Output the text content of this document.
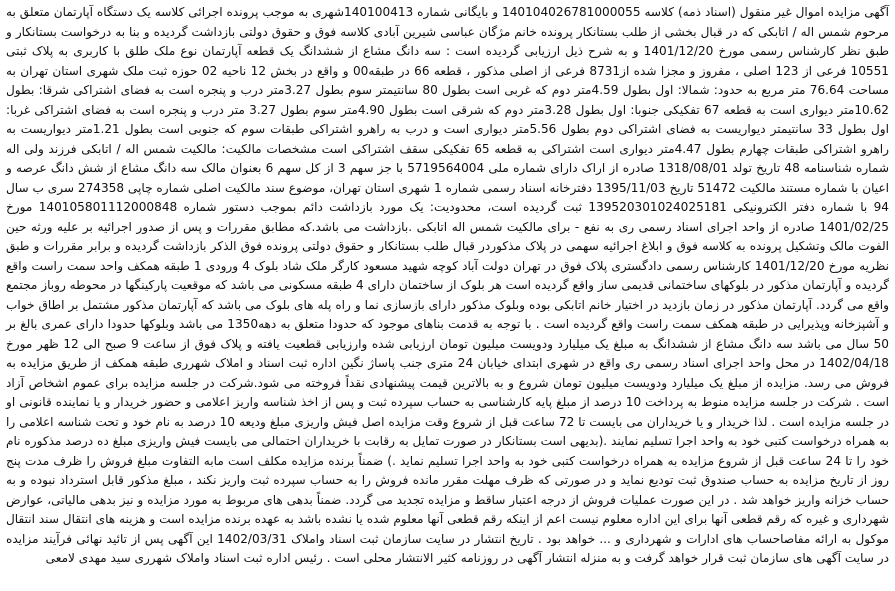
آگهی مزایده اموال غیر منقول (اسناد ذمه) کلاسه 14010402678100005‌5 و بایگانی شماره 140100413شهری به موجب پرونده اجرائی کلاسه یک دستگاه آپارتمان متعلق به مرحوم شمس اله / اتابکی که در قبال بخشی از طلب بستانکار پرونده خانم مژگان عباسی شیرین آبادی کلاسه فوق و حقوق دولتی بازداشت گردیده و بنا به درخواست بستانکار و طبق نظر کارشناس رسمی مورخ 1401/12/20 و به شرح ذیل ارزیابی گردیده است : سه دانگ مشاع از ششدانگ یک قطعه آپارتمان نوع ملک طلق با کاربری به پلاک ثبتی 10551 فرعی از 123 اصلی ، مفروز و مجزا شده از8731 فرعی از اصلی مذکور ، قطعه 66 در طبقه00 و واقع در بخش 12 ناحیه 02 حوزه ثبت ملک شهری استان تهران به مساحت 76.64 متر مربع به حدود: شمالا: اول بطول 4.59متر دوم که غربی است بطول 80 سانتیمتر سوم بطول 3.27متر درب و پنجره است به فضای اشتراکی شرقا: بطول 10.62متر دیواری است به قطعه 67 تفکیکی جنوبا: اول بطول 3.28متر دوم که شرقی است بطول 4.90متر سوم بطول 3.27 متر درب و پنجره است به فضای اشتراکی غربا: اول بطول 33 سانتیمتر دیواریست به فضای اشتراکی دوم بطول 5.56متر دیواری است و درب به راهرو اشتراکی طبقات سوم که جنوبی است بطول 1.21متر دیواریست به راهرو اشتراکی طبقات چهارم بطول 4.47متر دیواری است اشتراکی به قطعه 65 تفکیکی سقف اشتراکی است مشخصات مالکیت: مالکیت شمس اله / اتابکی فرزند ولی اله شماره شناسنامه 48 تاریخ تولد 1318/08/01 صادره از اراک دارای شماره ملی 5719564004 با جز سهم 3 از کل سهم 6 بعنوان مالک سه دانگ مشاع از شش دانگ عرصه و اعیان با شماره مستند مالکیت 51472 تاریخ 1395/11/03 دفترخانه اسناد رسمی شماره 1 شهری استان تهران، موضوع سند مالکیت اصلی شماره چاپی 274358 سری ب سال 94 با شماره دفتر الکترونیکی 139520301024025181 ثبت گردیده است، محدودیت: یک مورد بازداشت دائم بموجب دستور شماره 140105801112000848 مورخ 1401/02/25 صادره از واحد اجرای اسناد رسمی ری به نفع - برای مالکیت شمس اله اتابکی .بازداشت می باشد.که مطابق مقررات و پس از صدور اجرائیه بر علیه ورثه حین الفوت مالک وتشکیل پرونده به کلاسه فوق و ابلاغ اجرائیه سهمی در پلاک مذکوردر قبال طلب بستانکار و حقوق دولتی پرونده فوق الذکر بازداشت گردیده و برابر مقررات و طبق نظریه مورخ 1401/12/20 کارشناس رسمی دادگستری پلاک فوق در تهران دولت آباد کوچه شهید مسعود کارگر ملک شاد بلوک 4 ورودی 1 طبقه همکف واحد سمت راست واقع گردیده و آپارتمان مذکور در بلوکهای ساختمانی قدیمی ساز واقع گردیده است هر بلوک از ساختمان دارای 4 طبقه مسکونی می باشد که موقعیت پارکینگها در محوطه روباز مجتمع واقع می گردد. آپارتمان مذکور در زمان بازدید در اختیار خانم اتابکی بوده وبلوک مذکور دارای بازسازی نما و راه پله های بلوک می باشد که آپارتمان مذکور مشتمل بر اطاق خواب و آشپزخانه وپذیرایی در طبقه همکف سمت راست واقع گردیده است . با توجه به قدمت بناهای موجود که حدودا متعلق به دهه1350 می باشد وبلوکها حدودا دارای عمری بالغ بر 50 سال می باشد سه دانگ مشاع از ششدانگ به مبلغ یک میلیارد ودویست میلیون تومان ارزیابی شده وارزیابی قطعیت یافته و پلاک فوق از ساعت 9 صبح الی 12 ظهر مورخ 1402/04/18 در محل واحد اجرای اسناد رسمی ری واقع در شهری ابتدای خیابان 24 متری جنب پاساژ نگین اداره ثبت اسناد و املاک شهرری طبقه همکف از طریق مزایده به فروش می رسد. مزایده از مبلغ یک میلیارد ودویست میلیون تومان شروع و به بالاترین قیمت پیشنهادی نقداً فروخته می شود.شرکت در جلسه مزایده برای عموم اشخاص آزاد است . شرکت در جلسه مزایده منوط به پرداخت 10 درصد از مبلغ پایه کارشناسی به حساب سپرده ثبت و پس از اخذ شناسه واریز اعلامی و حضور خریدار و یا نماینده قانونی او در جلسه مزایده است . لذا خریدار و یا خریداران می بایست تا 72 ساعت قبل از شروع وقت مزایده اصل فیش واریزی مبلغ ودیعه 10 درصد به نام خود و تحت شناسه اعلامی را به همراه درخواست کتبی خود به واحد اجرا تسلیم نمایند .(بدیهی است بستانکار در صورت تمایل به رقابت با خریداران احتمالی می بایست فیش واریزی مبلغ ده درصد مذکوره نام خود را تا 24 ساعت قبل از شروع مزایده به همراه درخواست کتبی خود به واحد اجرا تسلیم نماید .) ضمناً برنده مزایده مکلف است مابه التفاوت مبلغ فروش را ظرف مدت پنج روز از تاریخ مزایده به حساب صندوق ثبت تودیع نماید و در صورتی که ظرف مهلت مقرر مانده فروش را به حساب سپرده ثبت واریز نکند ، مبلغ مذکور قابل استرداد نبوده و به حساب خزانه واریز خواهد شد . در این صورت عملیات فروش از درجه اعتبار ساقط و مزایده تجدید می گردد. ضمناً بدهی های مربوط به مورد مزایده و نیز بدهی مالیاتی، عوارض شهرداری و غیره که رقم قطعی آنها برای این اداره معلوم نیست اعم از اینکه رقم قطعی آنها معلوم شده یا نشده باشد به عهده برنده مزایده است و هزینه های انتقال سند انتقال موکول به ارائه مفاصاحساب های ادارات و شهرداری و ... خواهد بود . تاریخ انتشار در سایت سازمان ثبت اسناد واملاک 1402/03/31 این آگهی پس از تائید نهائی فرآیند مزایده در سایت آگهی های سازمان ثبت قرار خواهد گرفت و به منزله انتشار آگهی در روزنامه کثیر الانتشار محلی است . رئیس اداره ثبت اسناد واملاک شهرری سید مهدی لامعی
